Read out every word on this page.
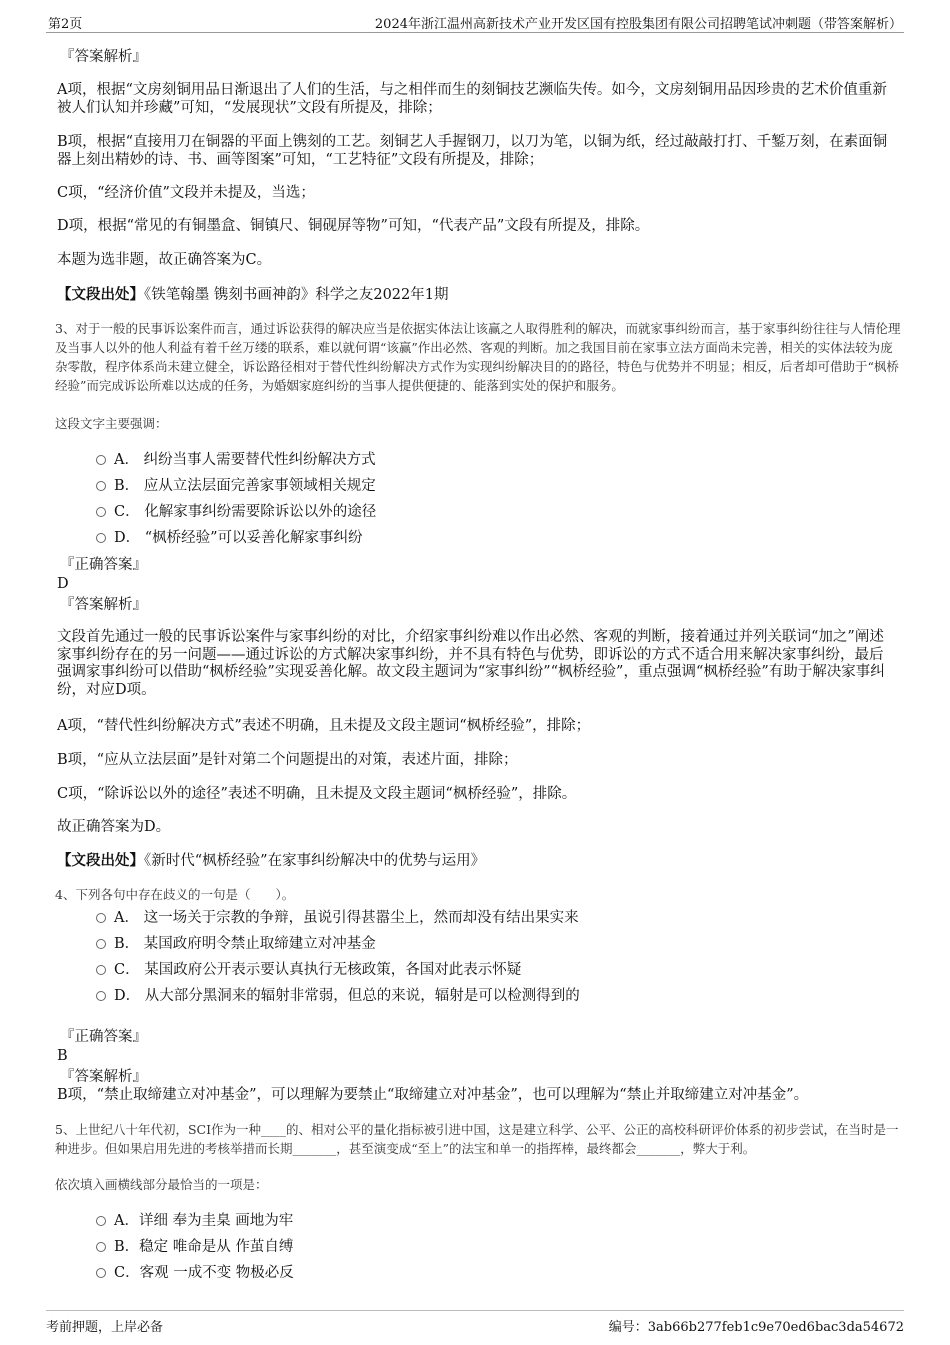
第2页	2024年浙江温州高新技术产业开发区国有控股集团有限公司招聘笔试冲刺题（带答案解析）
『答案解析』

A项，根据“文房刻铜用品日渐退出了人们的生活，与之相伴而生的刻铜技艺濒临失传。如今，文房刻铜用品因珍贵的艺术价值重新被人们认知并珍藏”可知，“发展现状”文段有所提及，排除；

B项，根据“直接用刀在铜器的平面上镌刻的工艺。刻铜艺人手握钢刀，以刀为笔，以铜为纸，经过敲敲打打、千錾万刻，在素面铜器上刻出精妙的诗、书、画等图案”可知，“工艺特征”文段有所提及，排除；

C项，“经济价值”文段并未提及，当选；

D项，根据“常见的有铜墨盒、铜镇尺、铜砚屏等物”可知，“代表产品”文段有所提及，排除。

本题为选非题，故正确答案为C。

【文段出处】《铁笔翰墨 镌刻书画神韵》科学之友2022年1期

3、对于一般的民事诉讼案件而言，通过诉讼获得的解决应当是依据实体法让该赢之人取得胜利的解决，而就家事纠纷而言，基于家事纠纷往往与人情伦理及当事人以外的他人利益有着千丝万缕的联系，难以就何谓“该赢”作出必然、客观的判断。加之我国目前在家事立法方面尚未完善，相关的实体法较为庞杂零散，程序体系尚未建立健全，诉讼路径相对于替代性纠纷解决方式作为实现纠纷解决目的的路径，特色与优势并不明显；相反，后者却可借助于“枫桥经验”而完成诉讼所难以达成的任务，为婚姻家庭纠纷的当事人提供便捷的、能落到实处的保护和服务。

这段文字主要强调：

A． 纠纷当事人需要替代性纠纷解决方式
B． 应从立法层面完善家事领域相关规定
C． 化解家事纠纷需要除诉讼以外的途径
D． “枫桥经验”可以妥善化解家事纠纷
『正确答案』
D
『答案解析』

文段首先通过一般的民事诉讼案件与家事纠纷的对比，介绍家事纠纷难以作出必然、客观的判断，接着通过并列关联词“加之”阐述家事纠纷存在的另一问题——通过诉讼的方式解决家事纠纷，并不具有特色与优势，即诉讼的方式不适合用来解决家事纠纷，最后强调家事纠纷可以借助“枫桥经验”实现妥善化解。故文段主题词为“家事纠纷”“枫桥经验”，重点强调“枫桥经验”有助于解决家事纠纷，对应D项。

A项，“替代性纠纷解决方式”表述不明确，且未提及文段主题词“枫桥经验”，排除；

B项，“应从立法层面”是针对第二个问题提出的对策，表述片面，排除；

C项，“除诉讼以外的途径”表述不明确，且未提及文段主题词“枫桥经验”，排除。

故正确答案为D。

【文段出处】《新时代“枫桥经验”在家事纠纷解决中的优势与运用》

4、下列各句中存在歧义的一句是（　　）。

A． 这一场关于宗教的争辩，虽说引得甚嚣尘上，然而却没有结出果实来
B． 某国政府明令禁止取缔建立对冲基金
C． 某国政府公开表示要认真执行无核政策，各国对此表示怀疑
D． 从大部分黑洞来的辐射非常弱，但总的来说，辐射是可以检测得到的
『正确答案』
B
『答案解析』

B项，“禁止取缔建立对冲基金”，可以理解为要禁止“取缔建立对冲基金”，也可以理解为“禁止并取缔建立对冲基金”。

5、上世纪八十年代初，SCI作为一种____的、相对公平的量化指标被引进中国，这是建立科学、公平、公正的高校科研评价体系的初步尝试，在当时是一种进步。但如果启用先进的考核举措而长期_______，甚至演变成“至上”的法宝和单一的指挥棒，最终都会_______，弊大于利。

依次填入画横线部分最恰当的一项是：

A．详细 奉为圭臬 画地为牢
B．稳定 唯命是从 作茧自缚
C．客观 一成不变 物极必反
考前押题，上岸必备	编号：3ab66b277feb1c9e70ed6bac3da54672
